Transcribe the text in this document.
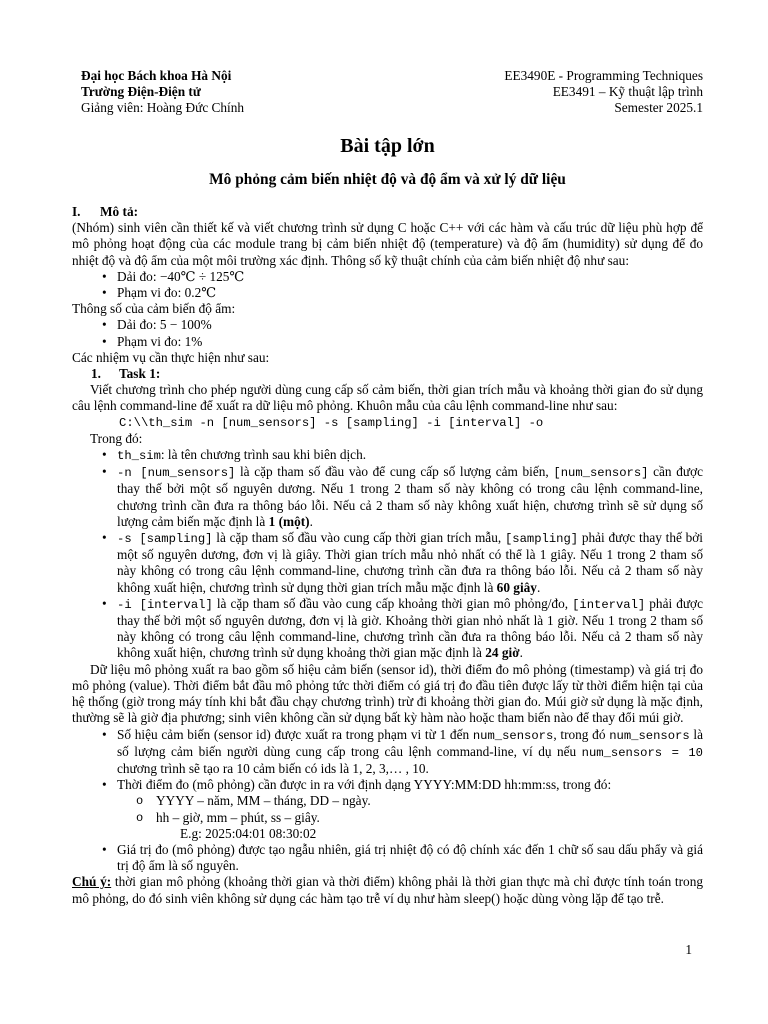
Đại học Bách khoa Hà Nội
Trường Điện-Điện tử
Giảng viên: Hoàng Đức Chính
EE3490E - Programming Techniques
EE3491 – Kỹ thuật lập trình
Semester 2025.1
Bài tập lớn
Mô phỏng cảm biến nhiệt độ và độ ẩm và xử lý dữ liệu
I. Mô tả:

(Nhóm) sinh viên cần thiết kế và viết chương trình sử dụng C hoặc C++ với các hàm và cấu trúc dữ liệu phù hợp để mô phỏng hoạt động của các module trang bị cảm biến nhiệt độ (temperature) và độ ẩm (humidity) sử dụng để đo nhiệt độ và độ ẩm của một môi trường xác định. Thông số kỹ thuật chính của cảm biến nhiệt độ như sau:

• Dải đo: −40℃ ÷ 125℃
• Phạm vi đo: 0.2℃

Thông số của cảm biến độ ẩm:

• Dải đo: 5 − 100%
• Phạm vi đo: 1%

Các nhiệm vụ cần thực hiện như sau:

1. Task 1:

Viết chương trình cho phép người dùng cung cấp số cảm biến, thời gian trích mẫu và khoảng thời gian đo sử dụng câu lệnh command-line để xuất ra dữ liệu mô phỏng. Khuôn mẫu của câu lệnh command-line như sau:

C:\\th_sim -n [num_sensors] -s [sampling] -i [interval] -o

Trong đó:

• th_sim: là tên chương trình sau khi biên dịch.
• -n [num_sensors] là cặp tham số đầu vào để cung cấp số lượng cảm biến, [num_sensors] cần được thay thế bởi một số nguyên dương. Nếu 1 trong 2 tham số này không có trong câu lệnh command-line, chương trình cần đưa ra thông báo lỗi. Nếu cả 2 tham số này không xuất hiện, chương trình sẽ sử dụng số lượng cảm biến mặc định là 1 (một).
• -s [sampling] là cặp tham số đầu vào cung cấp thời gian trích mẫu, [sampling] phải được thay thế bởi một số nguyên dương, đơn vị là giây. Thời gian trích mẫu nhỏ nhất có thể là 1 giây. Nếu 1 trong 2 tham số này không có trong câu lệnh command-line, chương trình cần đưa ra thông báo lỗi. Nếu cả 2 tham số này không xuất hiện, chương trình sử dụng thời gian trích mẫu mặc định là 60 giây.
• -i [interval] là cặp tham số đầu vào cung cấp khoảng thời gian mô phỏng/đo, [interval] phải được thay thế bởi một số nguyên dương, đơn vị là giờ. Khoảng thời gian nhỏ nhất là 1 giờ. Nếu 1 trong 2 tham số này không có trong câu lệnh command-line, chương trình cần đưa ra thông báo lỗi. Nếu cả 2 tham số này không xuất hiện, chương trình sử dụng khoảng thời gian mặc định là 24 giờ.

Dữ liệu mô phỏng xuất ra bao gồm số hiệu cảm biến (sensor id), thời điểm đo mô phỏng (timestamp) và giá trị đo mô phỏng (value). Thời điểm bắt đầu mô phỏng tức thời điểm có giá trị đo đầu tiên được lấy từ thời điểm hiện tại của hệ thống (giờ trong máy tính khi bắt đầu chạy chương trình) trừ đi khoảng thời gian đo. Múi giờ sử dụng là mặc định, thường sẽ là giờ địa phương; sinh viên không cần sử dụng bất kỳ hàm nào hoặc tham biến nào để thay đổi múi giờ.

• Số hiệu cảm biến (sensor id) được xuất ra trong phạm vi từ 1 đến num_sensors, trong đó num_sensors là số lượng cảm biến người dùng cung cấp trong câu lệnh command-line, ví dụ nếu num_sensors = 10 chương trình sẽ tạo ra 10 cảm biến có ids là 1, 2, 3,… , 10.
• Thời điểm đo (mô phỏng) cần được in ra với định dạng YYYY:MM:DD hh:mm:ss, trong đó:
o YYYY – năm, MM – tháng, DD – ngày.
o hh – giờ, mm – phút, ss – giây.
E.g: 2025:04:01 08:30:02
• Giá trị đo (mô phỏng) được tạo ngẫu nhiên, giá trị nhiệt độ có độ chính xác đến 1 chữ số sau dấu phẩy và giá trị độ ẩm là số nguyên.

Chú ý: thời gian mô phỏng (khoảng thời gian và thời điểm) không phải là thời gian thực mà chỉ được tính toán trong mô phỏng, do đó sinh viên không sử dụng các hàm tạo trễ ví dụ như hàm sleep() hoặc dùng vòng lặp để tạo trễ.

1
